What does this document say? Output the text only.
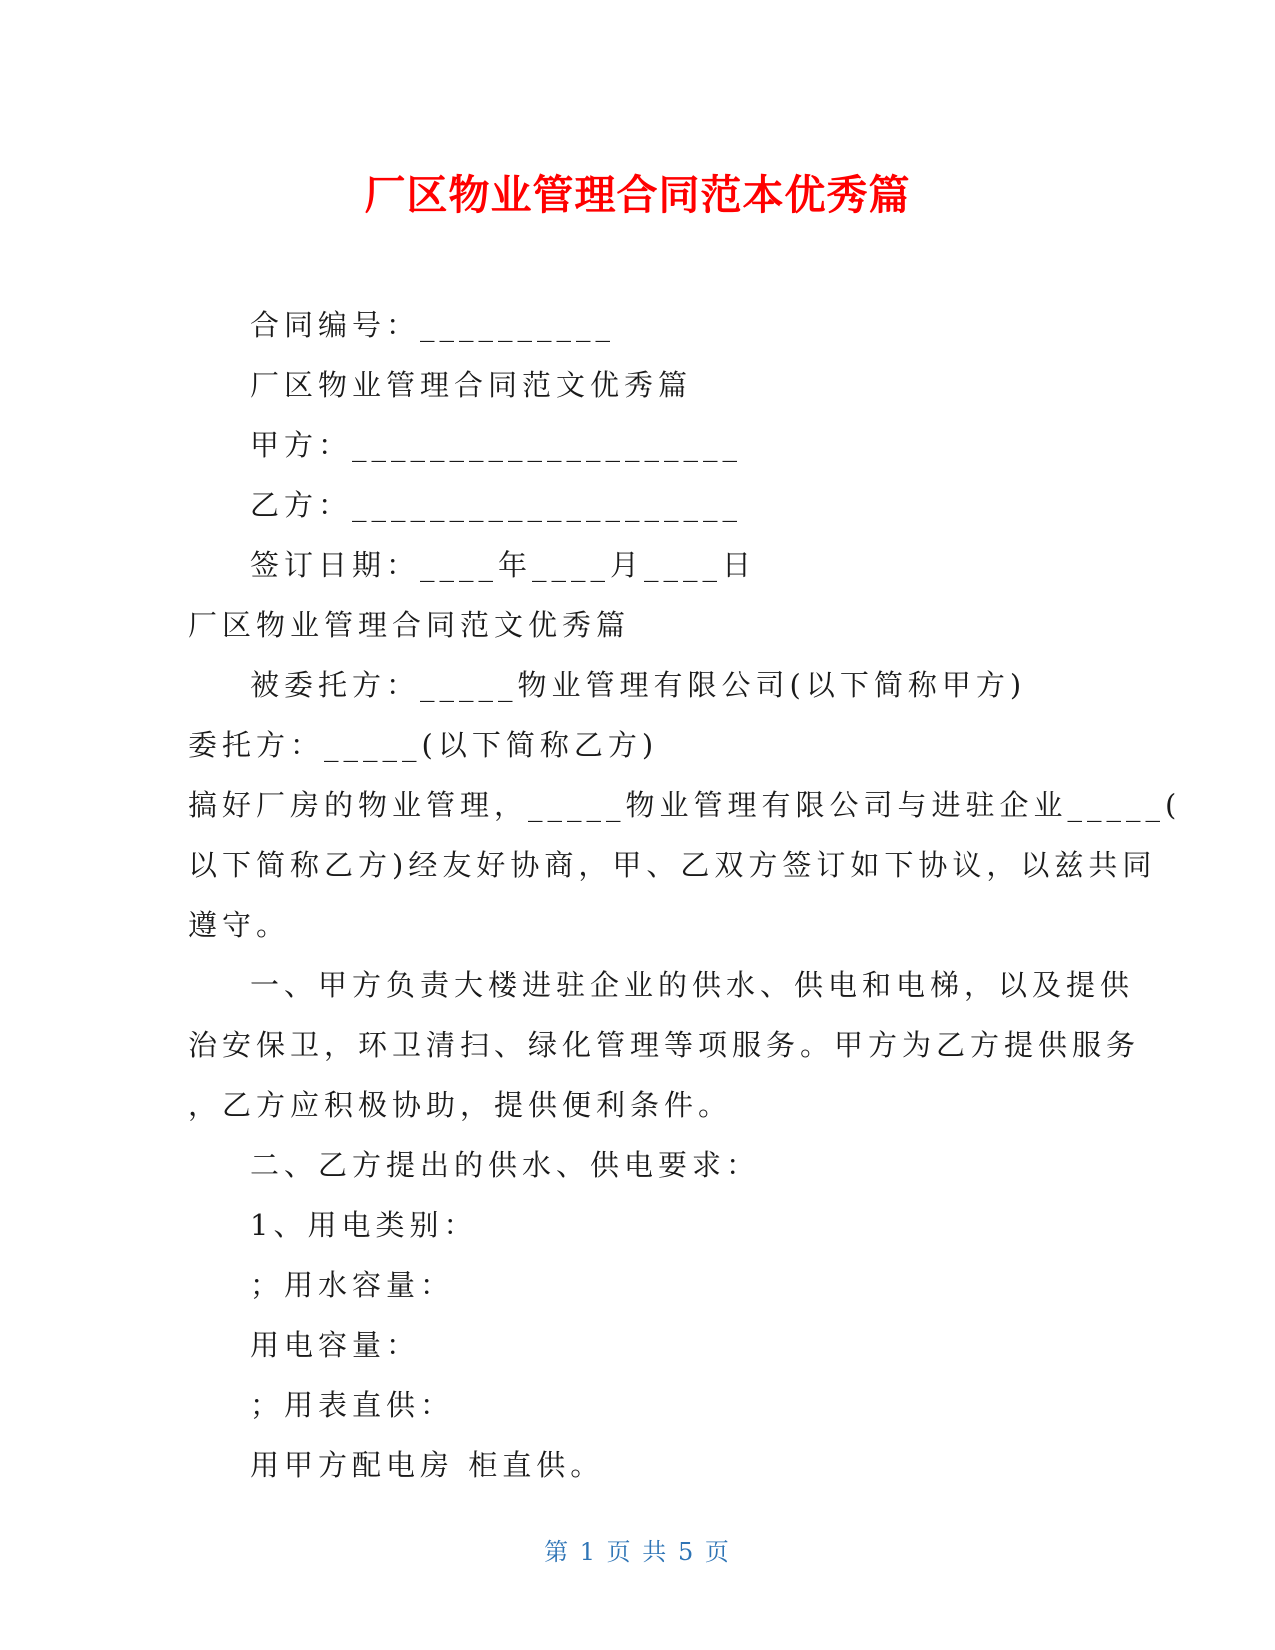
厂区物业管理合同范本优秀篇

合同编号：__________

厂区物业管理合同范文优秀篇

甲方：____________________

乙方：____________________

签订日期：____年____月____日

厂区物业管理合同范文优秀篇

被委托方：_____物业管理有限公司(以下简称甲方)

委托方：_____(以下简称乙方)

搞好厂房的物业管理，_____物业管理有限公司与进驻企业_____(

以下简称乙方)经友好协商，甲、乙双方签订如下协议，以兹共同

遵守。

一、甲方负责大楼进驻企业的供水、供电和电梯，以及提供

治安保卫，环卫清扫、绿化管理等项服务。甲方为乙方提供服务

，乙方应积极协助，提供便利条件。

二、乙方提出的供水、供电要求：

1、用电类别：

；用水容量：

用电容量：

；用表直供：

用甲方配电房 柜直供。

第 1 页 共 5 页
